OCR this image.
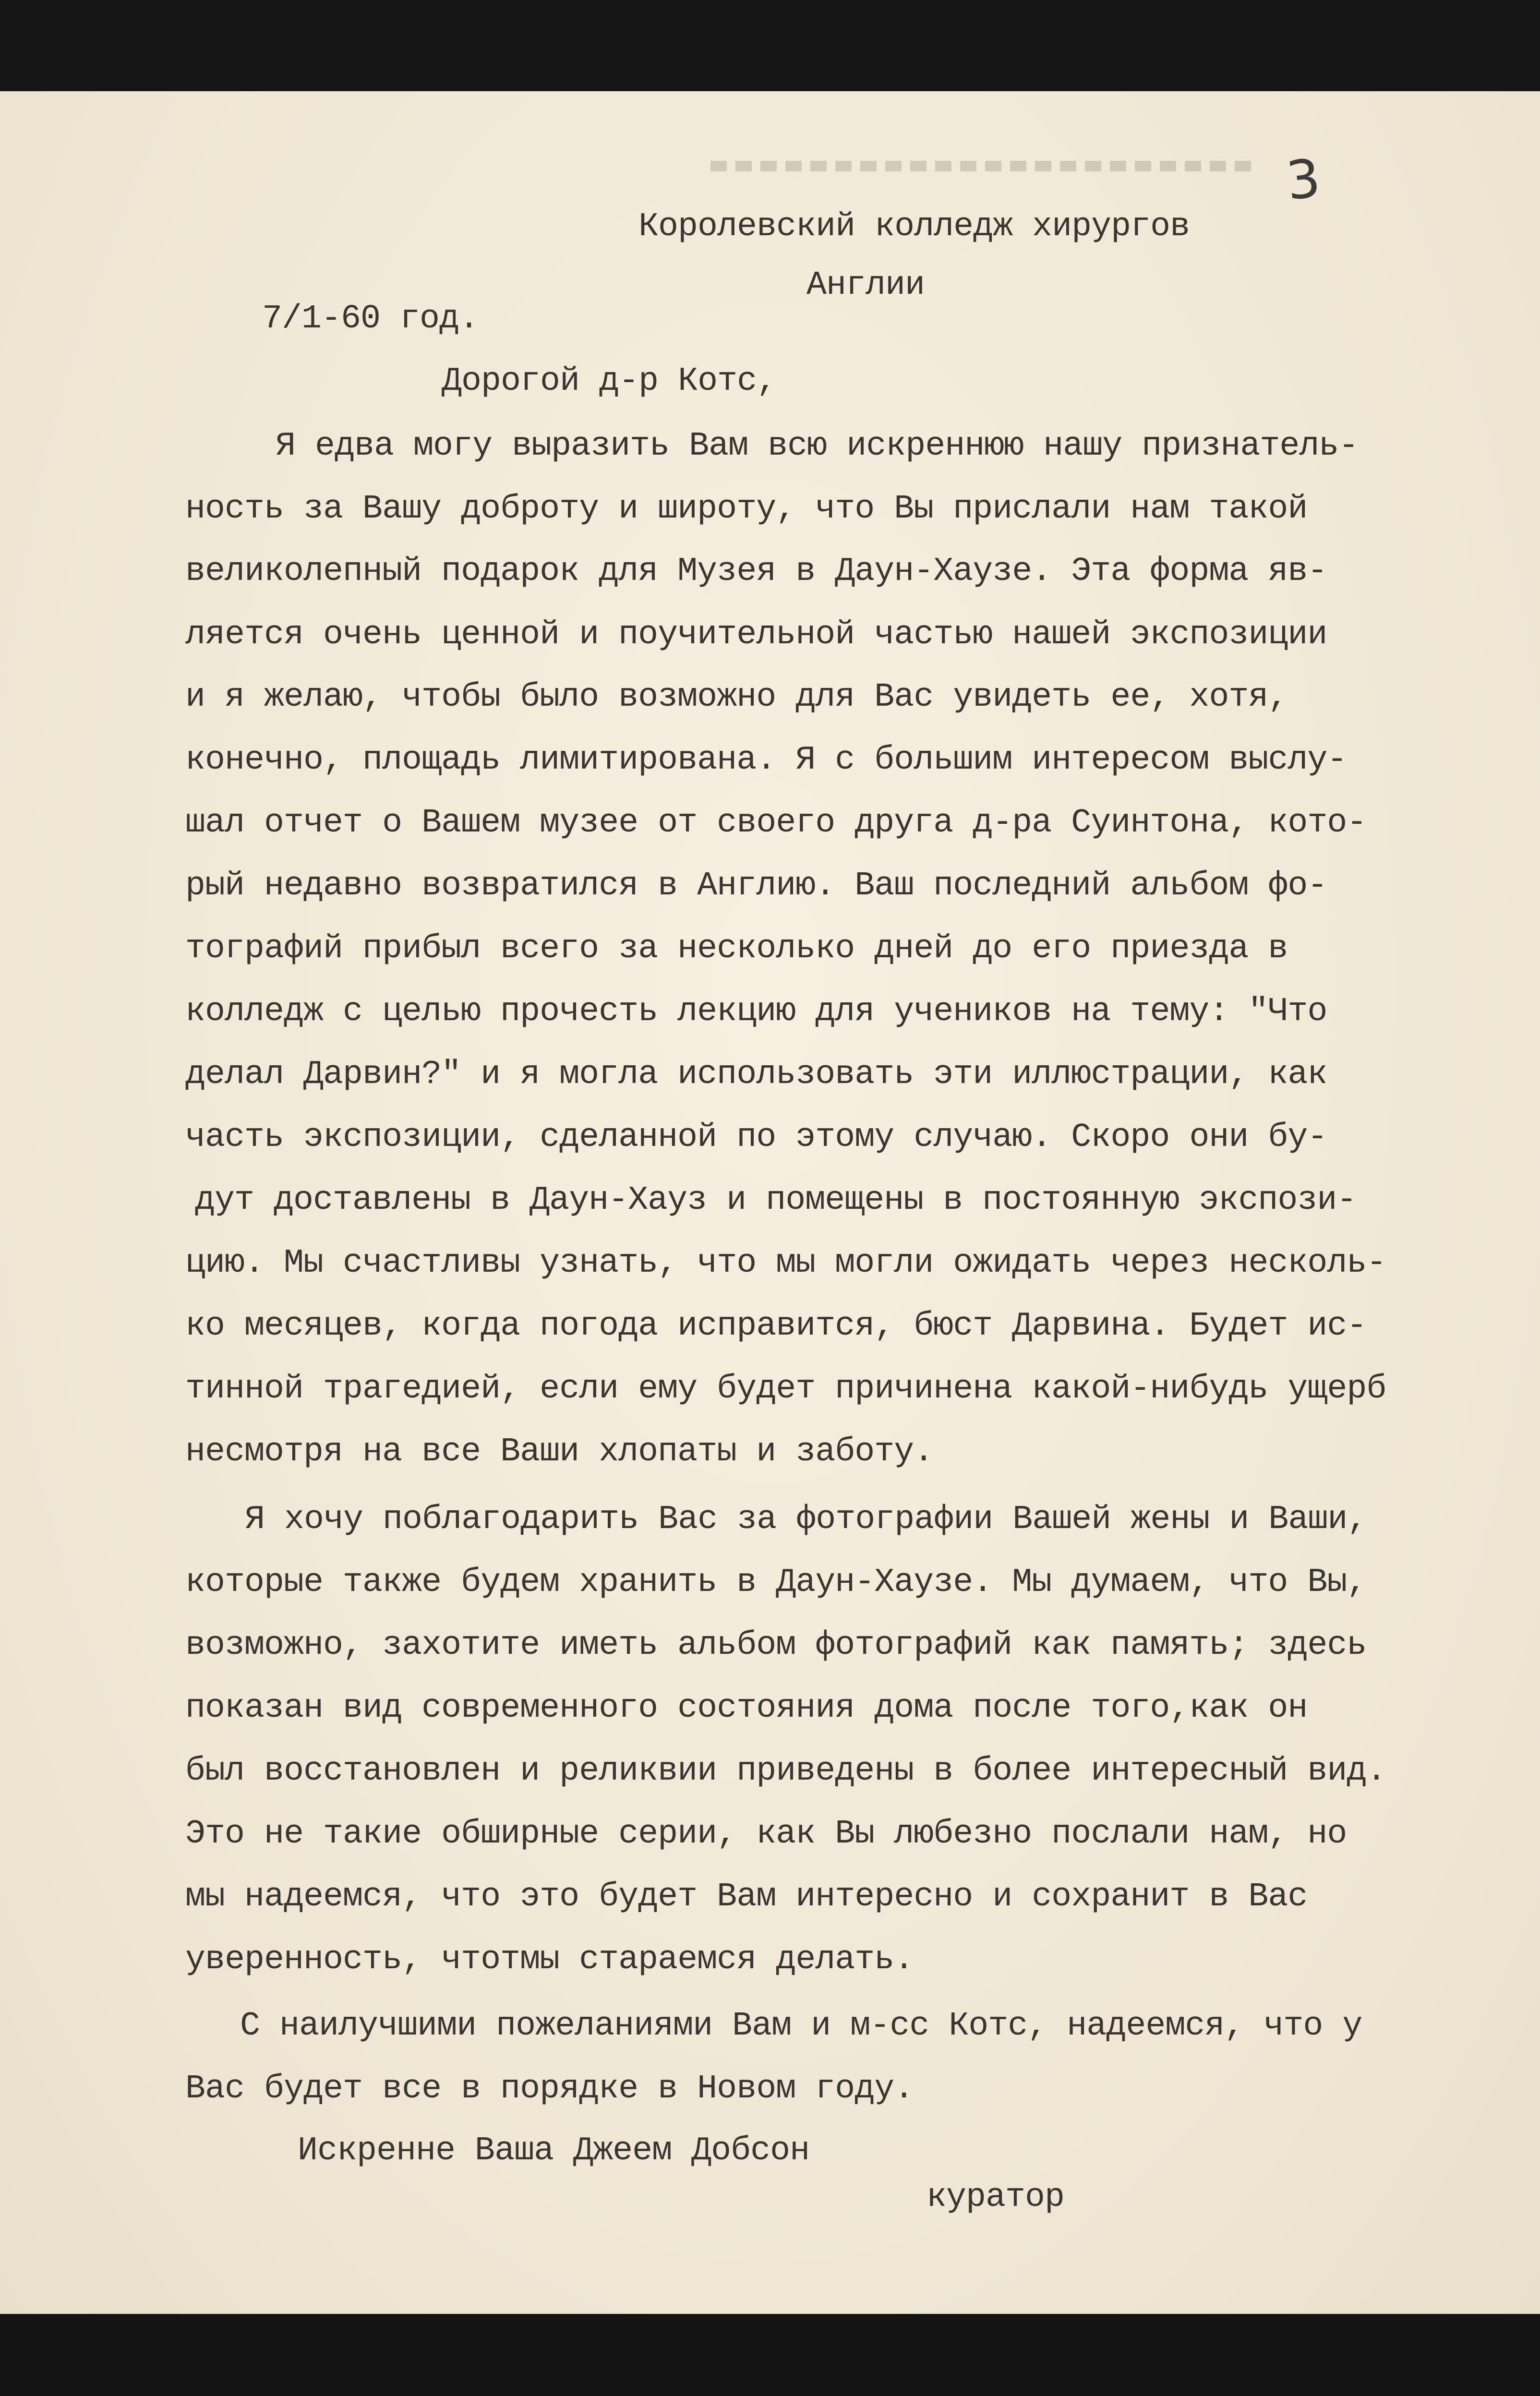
3
Королевский колледж хирургов
Англии
7/1-60 год.
Дорогой д-р Котс,
Я едва могу выразить Вам всю искреннюю нашу признатель-
ность за Вашу доброту и широту, что Вы прислали нам такой
великолепный подарок для Музея в Даун-Хаузе. Эта форма яв-
ляется очень ценной и поучительной частью нашей экспозиции
и я желаю, чтобы было возможно для Вас увидеть ее, хотя,
конечно, площадь лимитирована. Я с большим интересом выслу-
шал отчет о Вашем музее от своего друга д-ра Суинтона, кото-
рый недавно возвратился в Англию. Ваш последний альбом фо-
тографий прибыл всего за несколько дней до его приезда в
колледж с целью прочесть лекцию для учеников на тему: "Что
делал Дарвин?" и я могла использовать эти иллюстрации, как
часть экспозиции, сделанной по этому случаю. Скоро они бу-
дут доставлены в Даун-Хауз и помещены в постоянную экспози-
цию. Мы счастливы узнать, что мы могли ожидать через несколь-
ко месяцев, когда погода исправится, бюст Дарвина. Будет ис-
тинной трагедией, если ему будет причинена какой-нибудь ущерб
несмотря на все Ваши хлопаты и заботу.
Я хочу поблагодарить Вас за фотографии Вашей жены и Ваши,
которые также будем хранить в Даун-Хаузе. Мы думаем, что Вы,
возможно, захотите иметь альбом фотографий как память; здесь
показан вид современного состояния дома после того,как он
был восстановлен и реликвии приведены в более интересный вид.
Это не такие обширные серии, как Вы любезно послали нам, но
мы надеемся, что это будет Вам интересно и сохранит в Вас
уверенность, чтотмы стараемся делать.
С наилучшими пожеланиями Вам и м-сс Котс, надеемся, что у
Вас будет все в порядке в Новом году.
Искренне Ваша Джеем Добсон
куратор
